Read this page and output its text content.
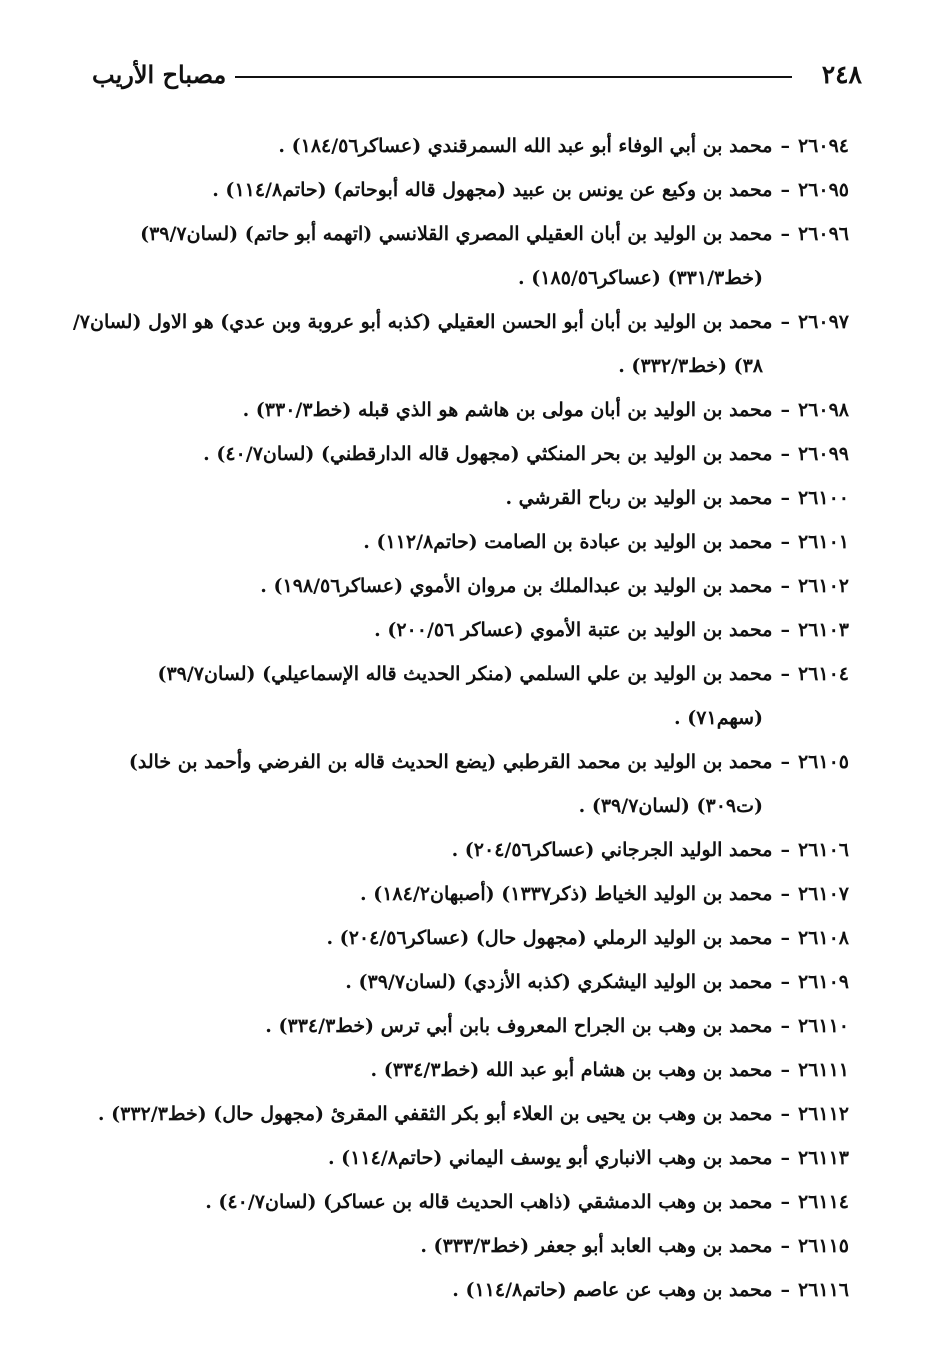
٢٤٨
مصباح الأريب
٢٦٠٩٤–محمد بن أبي الوفاء أبو عبد الله السمرقندي (عساكر١٨٤/٥٦) .
٢٦٠٩٥–محمد بن وكيع عن يونس بن عبيد (مجهول قاله أبوحاتم) (حاتم١١٤/٨) .
٢٦٠٩٦–محمد بن الوليد بن أبان العقيلي المصري القلانسي (اتهمه أبو حاتم) (لسان٣٩/٧)
(خط٣٣١/٣) (عساكر١٨٥/٥٦) .
٢٦٠٩٧–محمد بن الوليد بن أبان أبو الحسن العقيلي (كذبه أبو عروبة وبن عدي) هو الاول (لسان٧/
٣٨) (خط٣٣٢/٣) .
٢٦٠٩٨–محمد بن الوليد بن أبان مولى بن هاشم هو الذي قبله (خط٣٣٠/٣) .
٢٦٠٩٩–محمد بن الوليد بن بحر المنكثي (مجهول قاله الدارقطني) (لسان٤٠/٧) .
٢٦١٠٠–محمد بن الوليد بن رباح القرشي .
٢٦١٠١–محمد بن الوليد بن عبادة بن الصامت (حاتم١١٢/٨) .
٢٦١٠٢–محمد بن الوليد بن عبدالملك بن مروان الأموي (عساكر١٩٨/٥٦) .
٢٦١٠٣–محمد بن الوليد بن عتبة الأموي (عساكر ٢٠٠/٥٦) .
٢٦١٠٤–محمد بن الوليد بن علي السلمي (منكر الحديث قاله الإسماعيلي) (لسان٣٩/٧)
(سهم٧١) .
٢٦١٠٥–محمد بن الوليد بن محمد القرطبي (يضع الحديث قاله بن الفرضي وأحمد بن خالد)
(ت٣٠٩) (لسان٣٩/٧) .
٢٦١٠٦–محمد الوليد الجرجاني (عساكر٢٠٤/٥٦) .
٢٦١٠٧–محمد بن الوليد الخياط (ذكر١٣٣٧) (أصبهان١٨٤/٢) .
٢٦١٠٨–محمد بن الوليد الرملي (مجهول حال) (عساكر٢٠٤/٥٦) .
٢٦١٠٩–محمد بن الوليد اليشكري (كذبه الأزدي) (لسان٣٩/٧) .
٢٦١١٠–محمد بن وهب بن الجراح المعروف بابن أبي ترس (خط٣٣٤/٣) .
٢٦١١١–محمد بن وهب بن هشام أبو عبد الله (خط٣٣٤/٣) .
٢٦١١٢–محمد بن وهب بن يحيى بن العلاء أبو بكر الثقفي المقرئ (مجهول حال) (خط٣٣٢/٣) .
٢٦١١٣–محمد بن وهب الانباري أبو يوسف اليماني (حاتم١١٤/٨) .
٢٦١١٤–محمد بن وهب الدمشقي (ذاهب الحديث قاله بن عساكر) (لسان٤٠/٧) .
٢٦١١٥–محمد بن وهب العابد أبو جعفر (خط٣٣٣/٣) .
٢٦١١٦–محمد بن وهب عن عاصم (حاتم١١٤/٨) .
